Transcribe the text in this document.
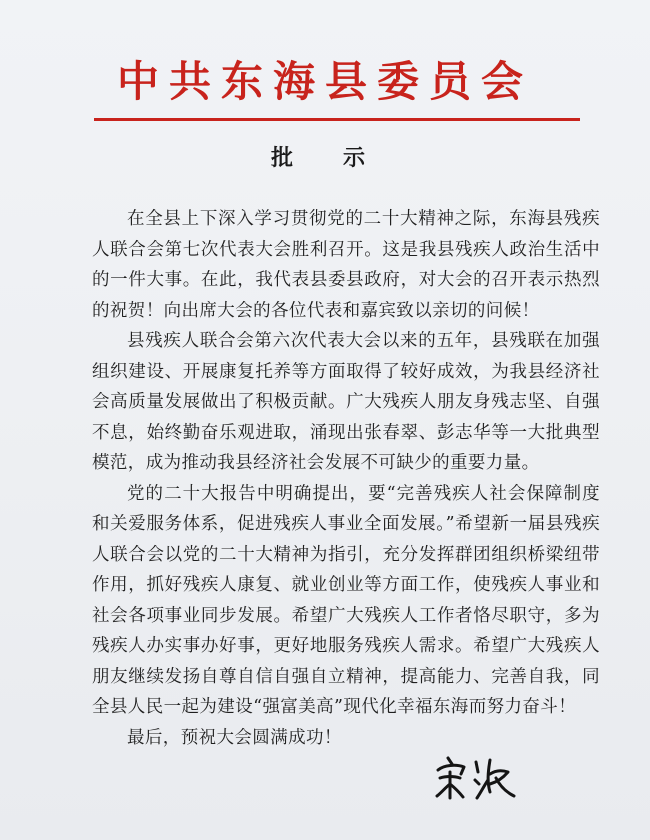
中共东海县委员会
批　示

在全县上下深入学习贯彻党的二十大精神之际，东海县残疾人联合会第七次代表大会胜利召开。这是我县残疾人政治生活中的一件大事。在此，我代表县委县政府，对大会的召开表示热烈的祝贺！向出席大会的各位代表和嘉宾致以亲切的问候！

县残疾人联合会第六次代表大会以来的五年，县残联在加强组织建设、开展康复托养等方面取得了较好成效，为我县经济社会高质量发展做出了积极贡献。广大残疾人朋友身残志坚、自强不息，始终勤奋乐观进取，涌现出张春翠、彭志华等一大批典型模范，成为推动我县经济社会发展不可缺少的重要力量。

党的二十大报告中明确提出，要“完善残疾人社会保障制度和关爱服务体系，促进残疾人事业全面发展。”希望新一届县残疾人联合会以党的二十大精神为指引，充分发挥群团组织桥梁纽带作用，抓好残疾人康复、就业创业等方面工作，使残疾人事业和社会各项事业同步发展。希望广大残疾人工作者恪尽职守，多为残疾人办实事办好事，更好地服务残疾人需求。希望广大残疾人朋友继续发扬自尊自信自强自立精神，提高能力、完善自我，同全县人民一起为建设“强富美高”现代化幸福东海而努力奋斗！

最后，预祝大会圆满成功！
